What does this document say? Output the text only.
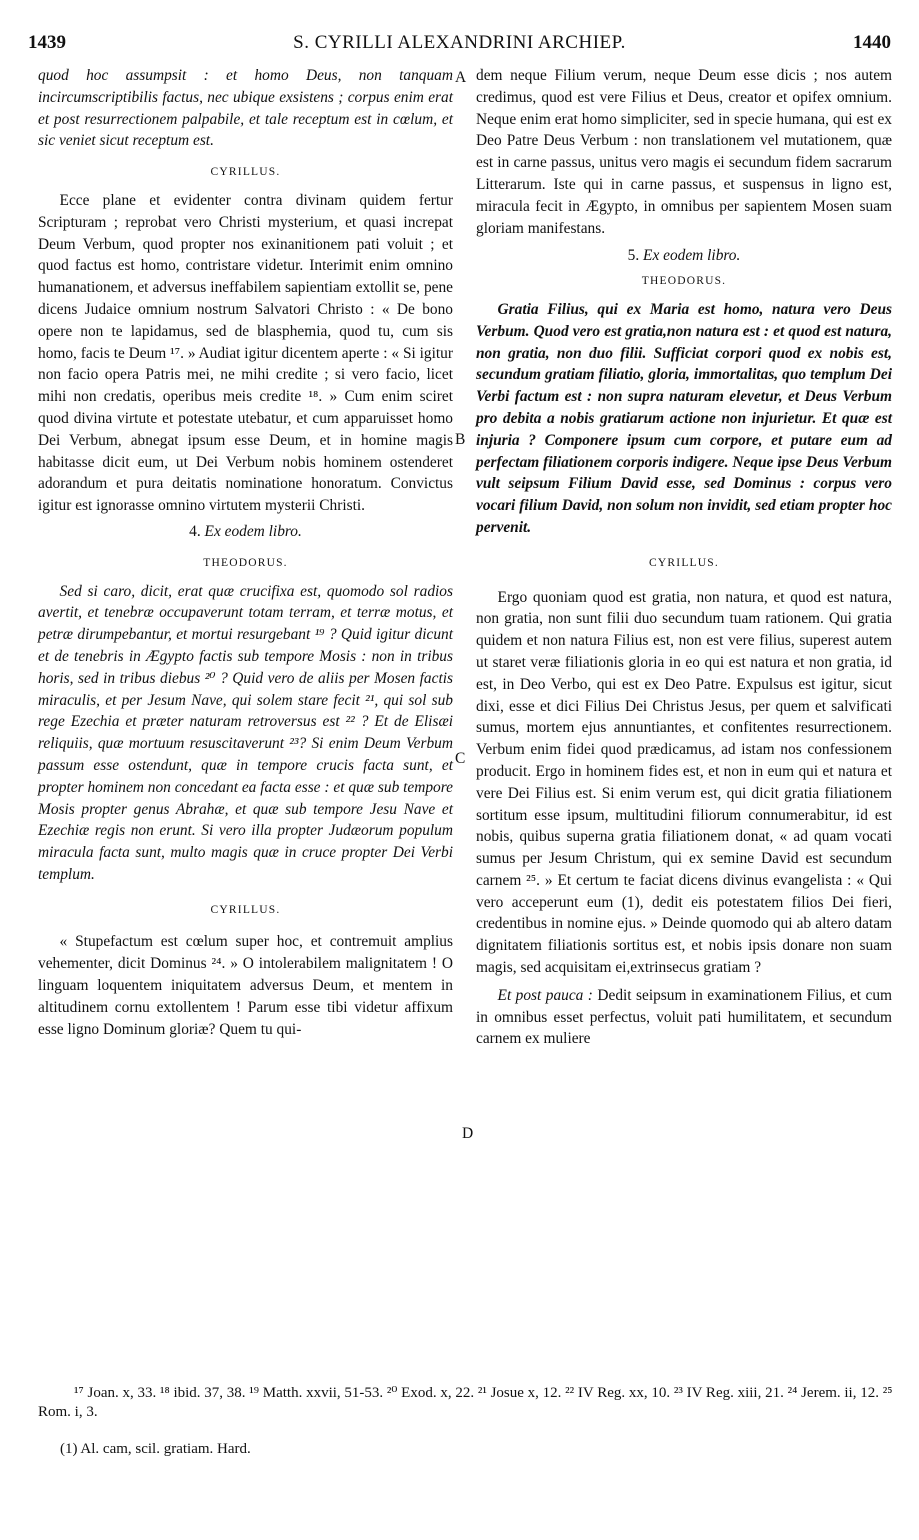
1439	S. CYRILLI ALEXANDRINI ARCHIEP.	1440

quod hoc assumpsit : et homo Deus, non tanquam incircumscriptibilis factus, nec ubique exsistens ; corpus enim erat et post resurrectionem palpabile, et tale receptum est in cœlum, et sic veniet sicut receptum est.

CYRILLUS.

Ecce plane et evidenter contra divinam quidem fertur Scripturam ; reprobat vero Christi mysterium, et quasi increpat Deum Verbum, quod propter nos exinanitionem pati voluit ; et quod factus est homo, contristare videtur. Interimit enim omnino humanationem, et adversus ineffabilem sapientiam extollit se, pene dicens Judaice omnium nostrum Salvatori Christo : « De bono opere non te lapidamus, sed de blasphemia, quod tu, cum sis homo, facis te Deum ¹⁷. » Audiat igitur dicentem aperte : « Si igitur non facio opera Patris mei, ne mihi credite ; si vero facio, licet mihi non credatis, operibus meis credite ¹⁸. » Cum enim sciret quod divina virtute et potestate utebatur, et cum apparuisset homo Dei Verbum, abnegat ipsum esse Deum, et in homine magis habitasse dicit eum, ut Dei Verbum nobis hominem ostenderet adorandum et pura deitatis nominatione honoratum. Convictus igitur est ignorasse omnino virtutem mysterii Christi.

4. Ex eodem libro.
THEODORUS.

Sed si caro, dicit, erat quæ crucifixa est, quomodo sol radios avertit, et tenebræ occupaverunt totam terram, et terræ motus, et petræ dirumpebantur, et mortui resurgebant ¹⁹ ? Quid igitur dicunt et de tenebris in Ægypto factis sub tempore Mosis : non in tribus horis, sed in tribus diebus ²⁰ ? Quid vero de aliis per Mosen factis miraculis, et per Jesum Nave, qui solem stare fecit ²¹, qui sol sub rege Ezechia et præter naturam retroversus est ²² ? Et de Elisæi reliquiis, quæ mortuum resuscitaverunt ²³? Si enim Deum Verbum passum esse ostendunt, quæ in tempore crucis facta sunt, et propter hominem non concedant ea facta esse : et quæ sub tempore Mosis propter genus Abrahæ, et quæ sub tempore Jesu Nave et Ezechiæ regis non erunt. Si vero illa propter Judæorum populum miracula facta sunt, multo magis quæ in cruce propter Dei Verbi templum.

CYRILLUS.

« Stupefactum est cœlum super hoc, et contremuit amplius vehementer, dicit Dominus ²⁴. » O intolerabilem malignitatem ! O linguam loquentem iniquitatem adversus Deum, et mentem in altitudinem cornu extollentem ! Parum esse tibi videtur affixum esse ligno Dominum gloriæ? Quem tu qui-

A
B
C
D

dem neque Filium verum, neque Deum esse dicis ; nos autem credimus, quod est vere Filius et Deus, creator et opifex omnium. Neque enim erat homo simpliciter, sed in specie humana, qui est ex Deo Patre Deus Verbum : non translationem vel mutationem, quæ est in carne passus, unitus vero magis ei secundum fidem sacrarum Litterarum. Iste qui in carne passus, et suspensus in ligno est, miracula fecit in Ægypto, in omnibus per sapientem Mosen suam gloriam manifestans.

5. Ex eodem libro.
THEODORUS.

Gratia Filius, qui ex Maria est homo, natura vero Deus Verbum. Quod vero est gratia,non natura est : et quod est natura, non gratia, non duo filii. Sufficiat corpori quod ex nobis est, secundum gratiam filiatio, gloria, immortalitas, quo templum Dei Verbi factum est : non supra naturam elevetur, et Deus Verbum pro debita a nobis gratiarum actione non injurietur. Et quæ est injuria ? Componere ipsum cum corpore, et putare eum ad perfectam filiationem corporis indigere. Neque ipse Deus Verbum vult seipsum Filium David esse, sed Dominus : corpus vero vocari filium David, non solum non invidit, sed etiam propter hoc pervenit.

CYRILLUS.

Ergo quoniam quod est gratia, non natura, et quod est natura, non gratia, non sunt filii duo secundum tuam rationem. Qui gratia quidem et non natura Filius est, non est vere filius, superest autem ut staret veræ filiationis gloria in eo qui est natura et non gratia, id est, in Deo Verbo, qui est ex Deo Patre. Expulsus est igitur, sicut dixi, esse et dici Filius Dei Christus Jesus, per quem et salvificati sumus, mortem ejus annuntiantes, et confitentes resurrectionem. Verbum enim fidei quod prædicamus, ad istam nos confessionem producit. Ergo in hominem fides est, et non in eum qui et natura et vere Dei Filius est. Si enim verum est, qui dicit gratia filiationem sortitum esse ipsum, multitudini filiorum connumerabitur, id est nobis, quibus superna gratia filiationem donat, « ad quam vocati sumus per Jesum Christum, qui ex semine David est secundum carnem ²⁵. » Et certum te faciat dicens divinus evangelista : « Qui vero acceperunt eum (1), dedit eis potestatem filios Dei fieri, credentibus in nomine ejus. » Deinde quomodo qui ab altero datam dignitatem filiationis sortitus est, et nobis ipsis donare non suam magis, sed acquisitam ei,extrinsecus gratiam ?

Et post pauca : Dedit seipsum in examinationem Filius, et cum in omnibus esset perfectus, voluit pati humilitatem, et secundum carnem ex muliere

¹⁷ Joan. x, 33. ¹⁸ ibid. 37, 38. ¹⁹ Matth. xxvii, 51-53. ²⁰ Exod. x, 22. ²¹ Josue x, 12. ²² IV Reg. xx, 10. ²³ IV Reg. xiii, 21. ²⁴ Jerem. ii, 12. ²⁵ Rom. i, 3.
(1) Al. cam, scil. gratiam. Hard.
